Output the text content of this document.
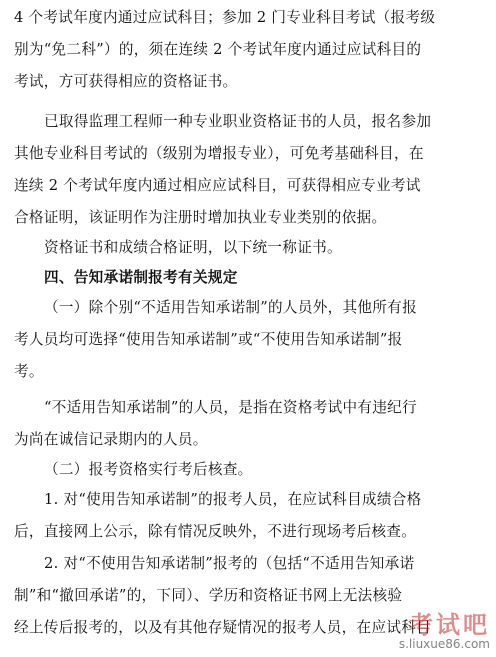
4 个考试年度内通过应试科目；参加 2 门专业科目考试（报考级
别为“免二科”）的，须在连续 2 个考试年度内通过应试科目的
考试，方可获得相应的资格证书。
已取得监理工程师一种专业职业资格证书的人员，报名参加
其他专业科目考试的（级别为增报专业），可免考基础科目，在
连续 2 个考试年度内通过相应应试科目，可获得相应专业考试
合格证明，该证明作为注册时增加执业专业类别的依据。
资格证书和成绩合格证明，以下统一称证书。
四、告知承诺制报考有关规定
（一）除个别“不适用告知承诺制”的人员外，其他所有报
考人员均可选择“使用告知承诺制”或“不使用告知承诺制”报
考。
“不适用告知承诺制”的人员，是指在资格考试中有违纪行
为尚在诚信记录期内的人员。
（二）报考资格实行考后核查。
1. 对“使用告知承诺制”的报考人员，在应试科目成绩合格
后，直接网上公示，除有情况反映外，不进行现场考后核查。
2. 对“不使用告知承诺制”报考的（包括“不适用告知承诺
制”和“撤回承诺”的，下同）、学历和资格证书网上无法核验
经上传后报考的，以及有其他存疑情况的报考人员，在应试科目
考试吧
s.liuxue86.com
